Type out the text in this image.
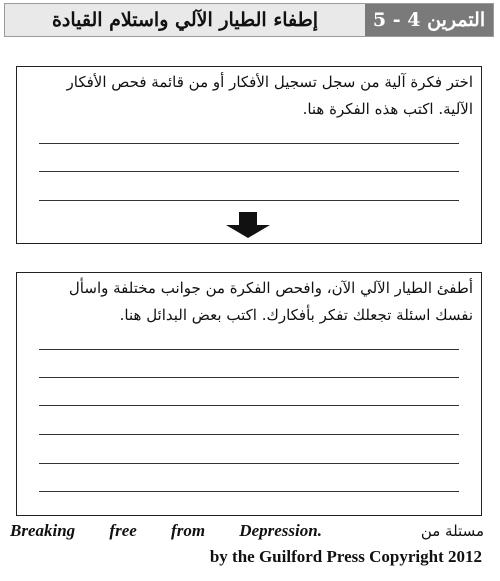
التمرين 4 - 5
إطفاء الطيار الآلي واستلام القيادة
اختر فكرة آلية من سجل تسجيل الأفكار أو من قائمة فحص الأفكار
الآلية. اكتب هذه الفكرة هنا.
أطفئ الطيار الآلي الآن، وافحص الفكرة من جوانب مختلفة واسأل
نفسك اسئلة تجعلك تفكر بأفكارك. اكتب بعض البدائل هنا.
Breaking free from Depression.	مستلة من
by the Guilford Press Copyright 2012
